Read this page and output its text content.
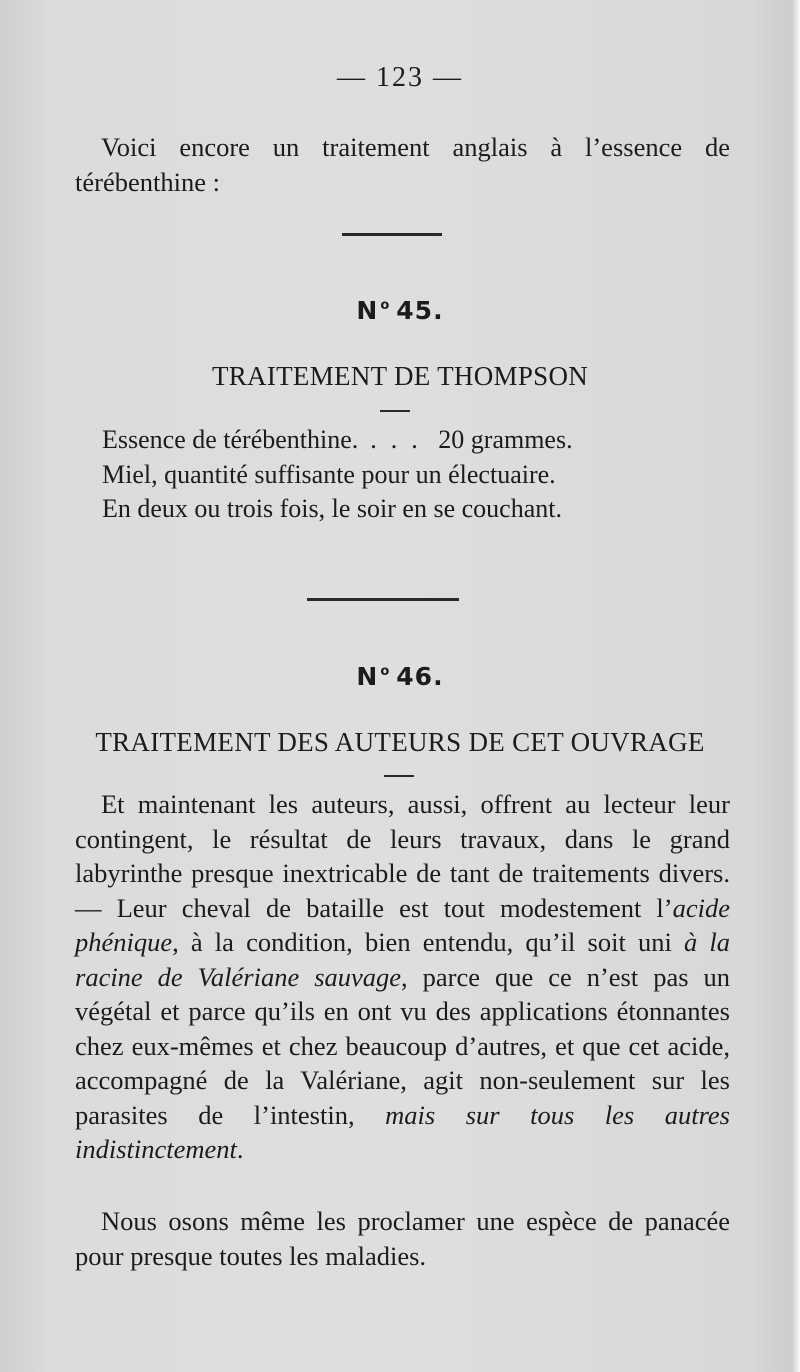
— 123 —

Voici encore un traitement anglais à l’essence de térébenthine :

N $^o$ 45.
TRAITEMENT DE THOMPSON
Essence de térébenthine. ... 20 grammes.
Miel, quantité suffisante pour un électuaire.
En deux ou trois fois, le soir en se couchant.
N $^o$ 46.
TRAITEMENT DES AUTEURS DE CET OUVRAGE

Et maintenant les auteurs, aussi, offrent au lecteur leur contingent, le résultat de leurs travaux, dans le grand labyrinthe presque inextricable de tant de traitements divers. — Leur cheval de bataille est tout modestement l’acide phénique, à la condition, bien entendu, qu’il soit uni à la racine de Valériane sauvage, parce que ce n’est pas un végétal et parce qu’ils en ont vu des applications étonnantes chez eux-mêmes et chez beaucoup d’autres, et que cet acide, accompagné de la Valériane, agit non-seulement sur les parasites de l’intestin, mais sur tous les autres indistinctement.

Nous osons même les proclamer une espèce de panacée pour presque toutes les maladies.
